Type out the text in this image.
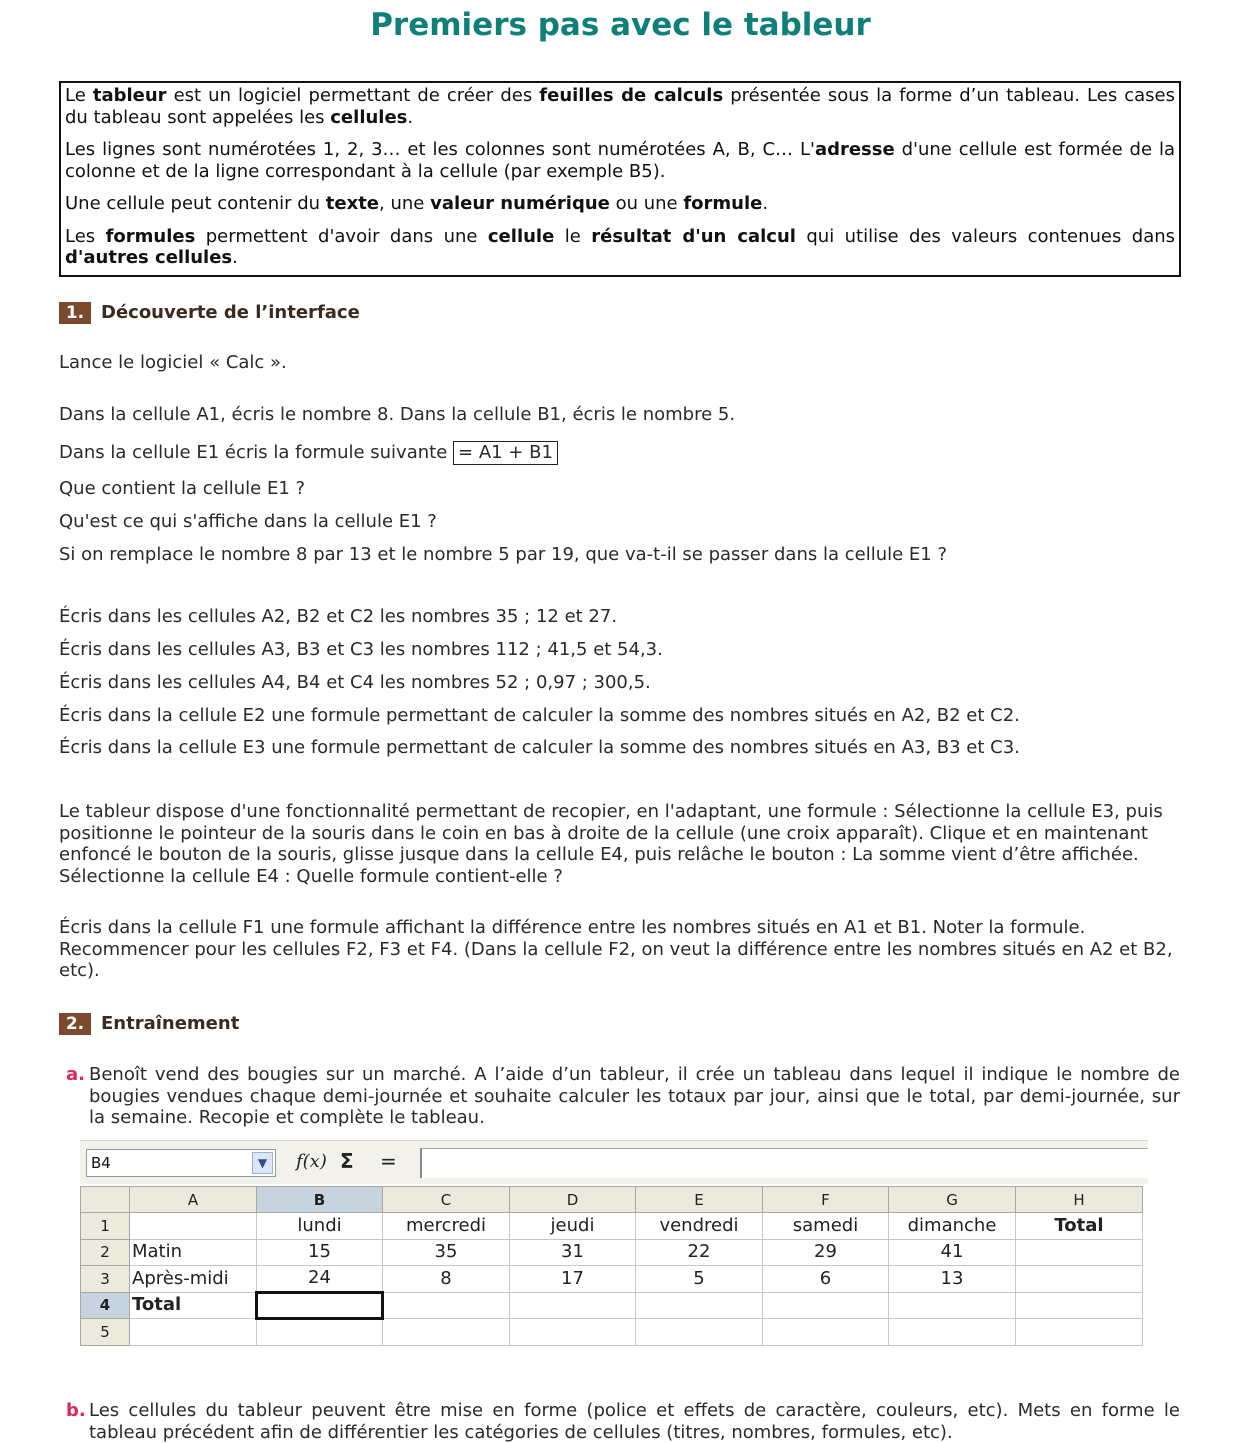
Premiers pas avec le tableur

Le tableur est un logiciel permettant de créer des feuilles de calculs présentée sous la forme d’un tableau. Les cases du tableau sont appelées les cellules.

Les lignes sont numérotées 1, 2, 3… et les colonnes sont numérotées A, B, C… L'adresse d'une cellule est formée de la colonne et de la ligne correspondant à la cellule (par exemple B5).

Une cellule peut contenir du texte, une valeur numérique ou une formule.

Les formules permettent d'avoir dans une cellule le résultat d'un calcul qui utilise des valeurs contenues dans d'autres cellules.

1. Découverte de l’interface
Lance le logiciel « Calc ».
Dans la cellule A1, écris le nombre 8. Dans la cellule B1, écris le nombre 5.
Dans la cellule E1 écris la formule suivante = A1 + B1
Que contient la cellule E1 ?
Qu'est ce qui s'affiche dans la cellule E1 ?
Si on remplace le nombre 8 par 13 et le nombre 5 par 19, que va-t-il se passer dans la cellule E1 ?
Écris dans les cellules A2, B2 et C2 les nombres 35 ; 12 et 27.
Écris dans les cellules A3, B3 et C3 les nombres 112 ; 41,5 et 54,3.
Écris dans les cellules A4, B4 et C4 les nombres 52 ; 0,97 ; 300,5.
Écris dans la cellule E2 une formule permettant de calculer la somme des nombres situés en A2, B2 et C2.
Écris dans la cellule E3 une formule permettant de calculer la somme des nombres situés en A3, B3 et C3.
Le tableur dispose d'une fonctionnalité permettant de recopier, en l'adaptant, une formule : Sélectionne la cellule E3, puis positionne le pointeur de la souris dans le coin en bas à droite de la cellule (une croix apparaît). Clique et en maintenant enfoncé le bouton de la souris, glisse jusque dans la cellule E4, puis relâche le bouton : La somme vient d’être affichée. Sélectionne la cellule E4 : Quelle formule contient-elle ?
Écris dans la cellule F1 une formule affichant la différence entre les nombres situés en A1 et B1. Noter la formule. Recommencer pour les cellules F2, F3 et F4. (Dans la cellule F2, on veut la différence entre les nombres situés en A2 et B2, etc).
2. Entraînement
a. Benoît vend des bougies sur un marché. A l’aide d’un tableur, il crée un tableau dans lequel il indique le nombre de bougies vendues chaque demi-journée et souhaite calculer les totaux par jour, ainsi que le total, par demi-journée, sur la semaine. Recopie et complète le tableau.
B4	▼	f(x) Σ =
	A	B	C	D	E	F	G	H
1		lundi	mercredi	jeudi	vendredi	samedi	dimanche	Total
2	Matin	15	35	31	22	29	41	
3	Après-midi	24	8	17	5	6	13	
4	Total							
5								
b. Les cellules du tableur peuvent être mise en forme (police et effets de caractère, couleurs, etc). Mets en forme le tableau précédent afin de différentier les catégories de cellules (titres, nombres, formules, etc).
